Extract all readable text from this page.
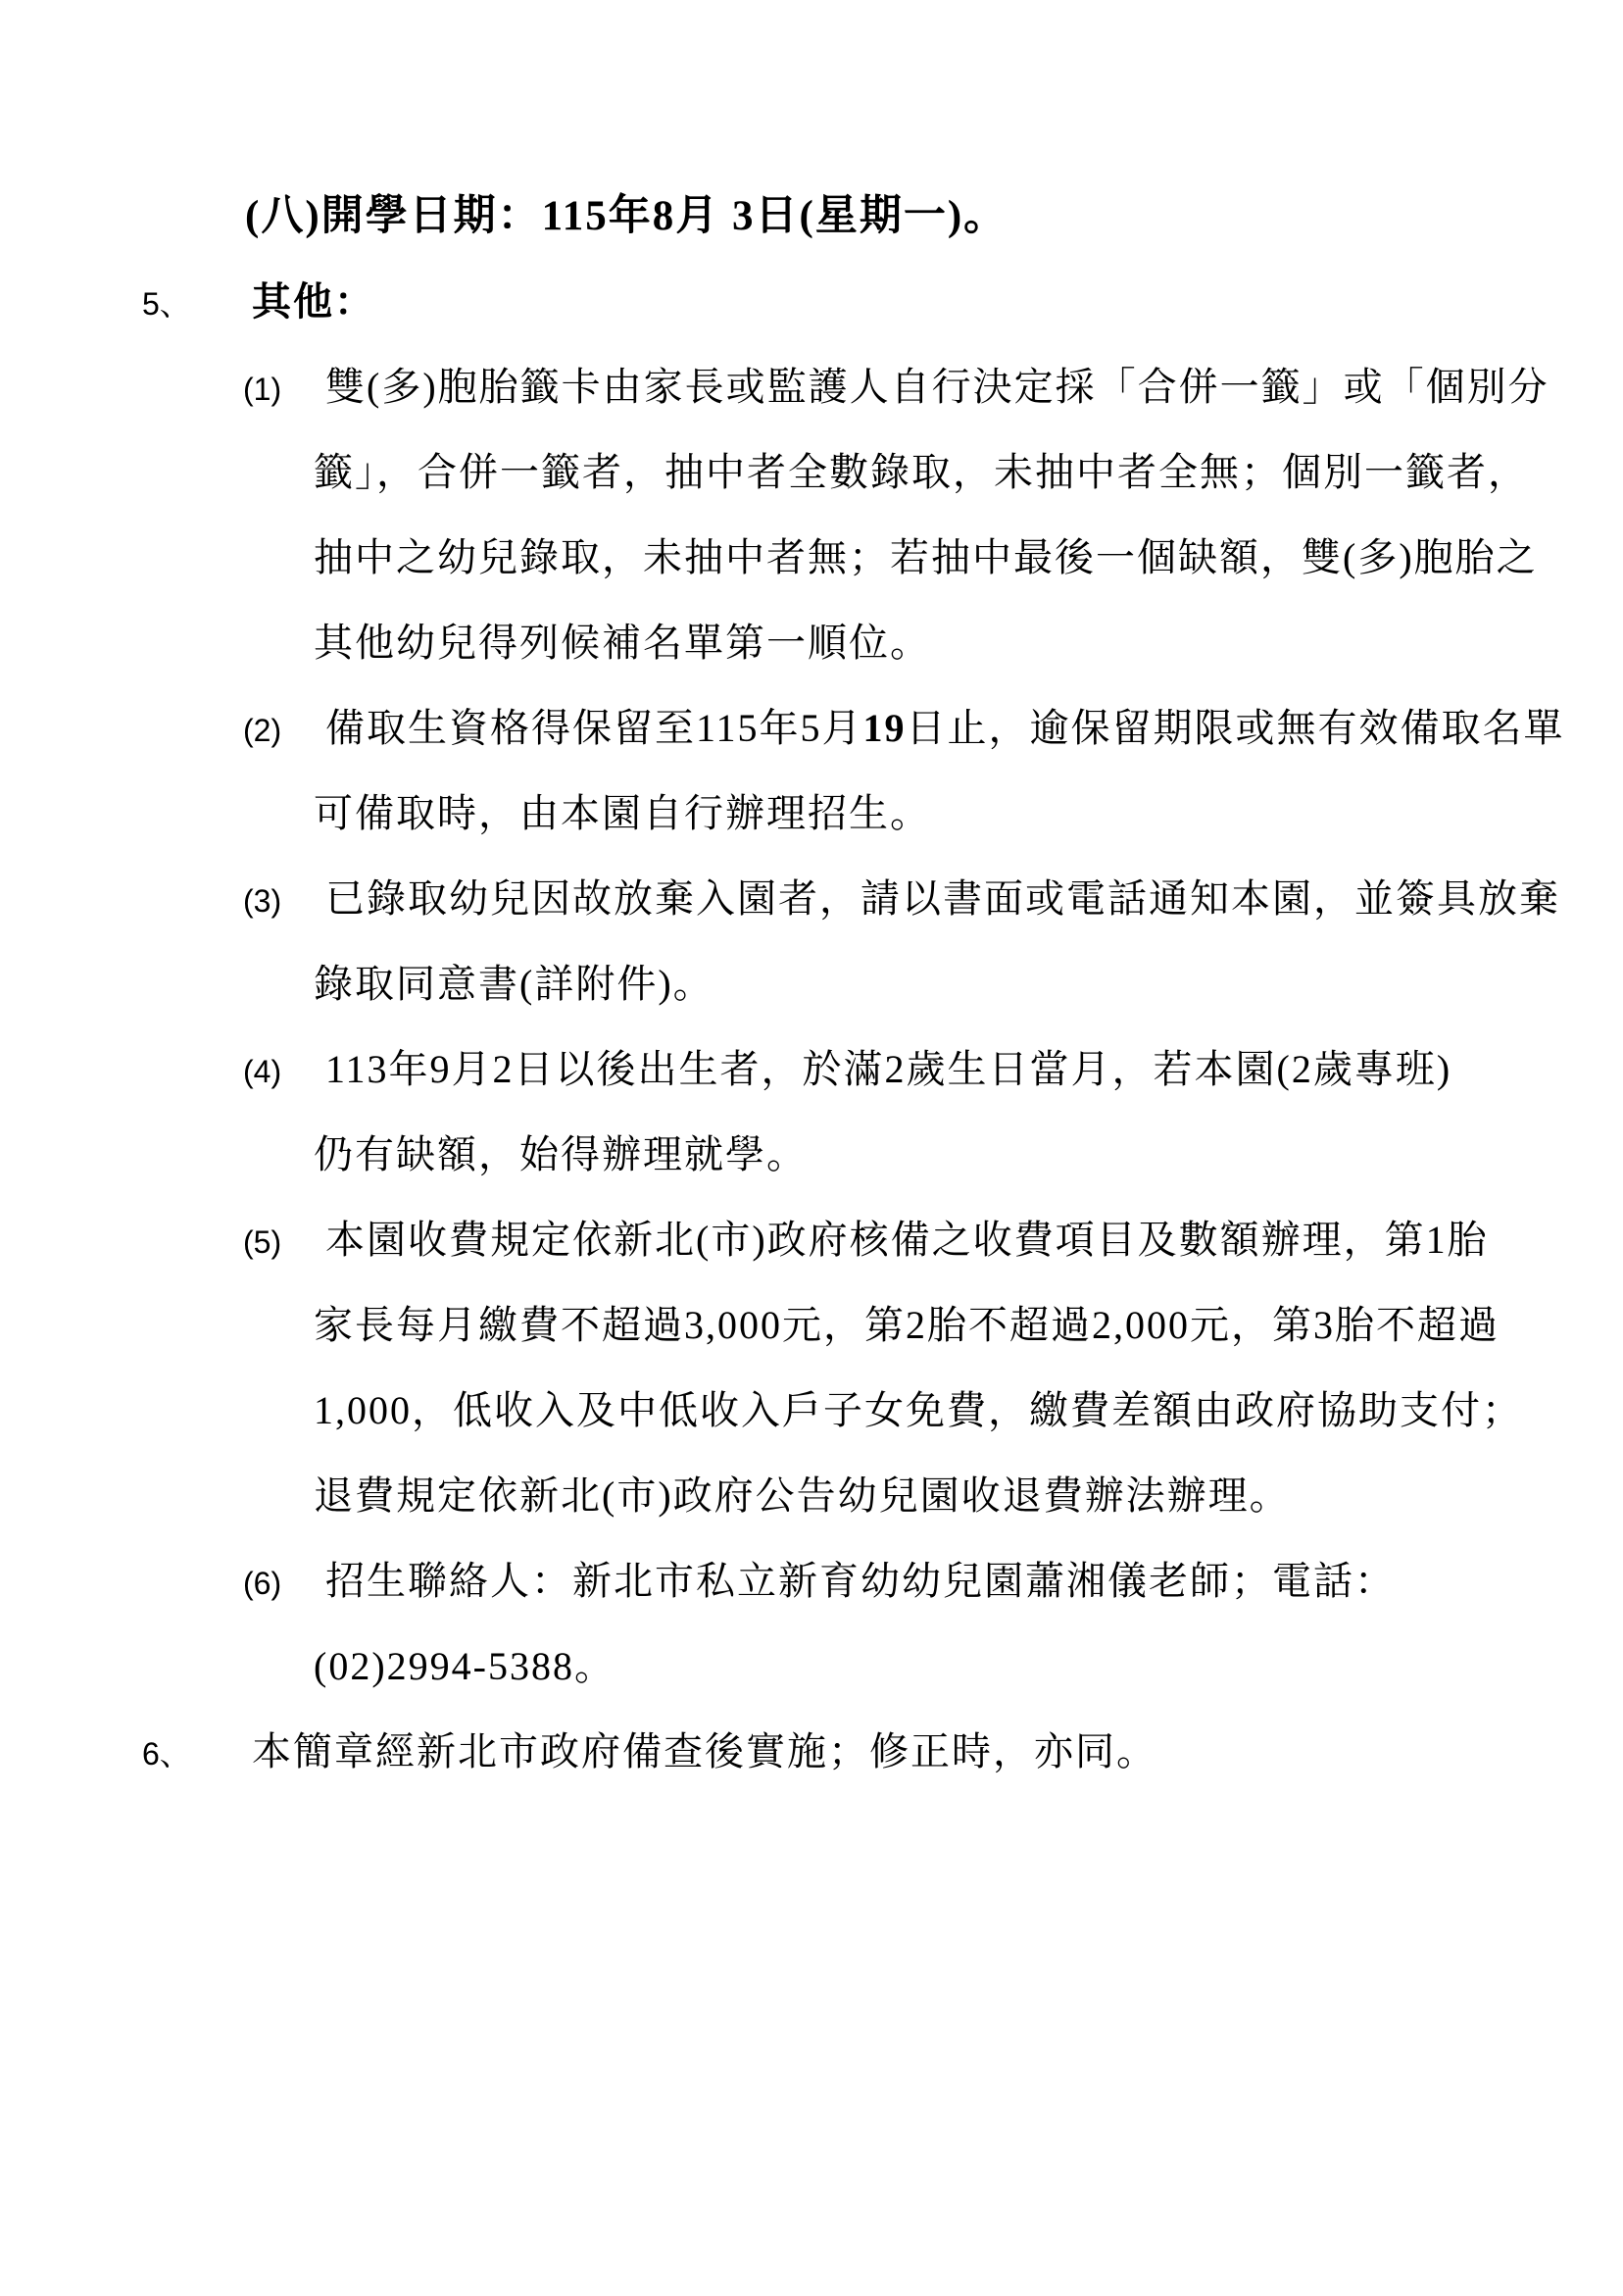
(八)開學日期：115年8月 3日(星期一)。
5、 其他：
(1) 雙(多)胞胎籤卡由家長或監護人自行決定採「合併一籤」或「個別分
籤」，合併一籤者，抽中者全數錄取，未抽中者全無；個別一籤者，
抽中之幼兒錄取，未抽中者無；若抽中最後一個缺額，雙(多)胞胎之
其他幼兒得列候補名單第一順位。
(2) 備取生資格得保留至115年5月19日止，逾保留期限或無有效備取名單
可備取時，由本園自行辦理招生。
(3) 已錄取幼兒因故放棄入園者，請以書面或電話通知本園，並簽具放棄
錄取同意書(詳附件)。
(4) 113年9月2日以後出生者，於滿2歲生日當月，若本園(2歲專班)
仍有缺額，始得辦理就學。
(5) 本園收費規定依新北(市)政府核備之收費項目及數額辦理，第1胎
家長每月繳費不超過3,000元，第2胎不超過2,000元，第3胎不超過
1,000，低收入及中低收入戶子女免費，繳費差額由政府協助支付；
退費規定依新北(市)政府公告幼兒園收退費辦法辦理。
(6) 招生聯絡人：新北市私立新育幼幼兒園蕭湘儀老師；電話：
(02)2994-5388。
6、 本簡章經新北市政府備查後實施；修正時，亦同。
